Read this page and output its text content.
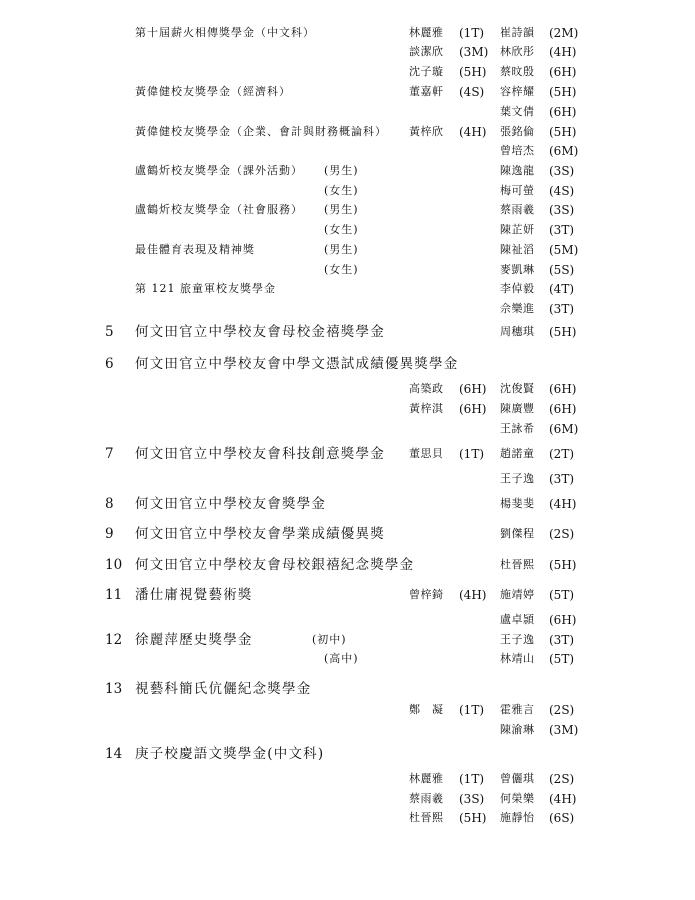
第十屆薪火相傳獎學金（中文科）	林麗雅 (1T) 崔詩韻 (2M)
談潔欣 (3M) 林欣彤 (4H)
沈子璇 (5H) 蔡旼殷 (6H)
黃偉健校友獎學金（經濟科）	董嘉軒 (4S) 容梓耀 (5H)
葉文倩 (6H)
黃偉健校友獎學金（企業、會計與財務概論科） 黃梓欣 (4H) 張銘倫 (5H)
曾培杰 (6M)
盧鶴炘校友獎學金（課外活動） (男生)	陳逸龍 (3S)
(女生)	梅可螢 (4S)
盧鶴炘校友獎學金（社會服務） (男生)	蔡雨羲 (3S)
(女生)	陳芷妍 (3T)
最佳體育表現及精神獎	(男生)	陳祉滔 (5M)
(女生)	麥凱琳 (5S)
第 121 旅童軍校友獎學金	李倬毅 (4T)
佘樂進 (3T)
5 何文田官立中學校友會母校金禧獎學金	周穗琪 (5H)
6 何文田官立中學校友會中學文憑試成績優異獎學金
高築政 (6H) 沈俊賢 (6H)
黃梓淇 (6H) 陳廣豐 (6H)
王詠希 (6M)
7 何文田官立中學校友會科技創意獎學金 董思貝 (1T) 趙諾童 (2T)
王子逸 (3T)
8 何文田官立中學校友會獎學金	楊斐斐 (4H)
9 何文田官立中學校友會學業成績優異獎	劉傑程 (2S)
10 何文田官立中學校友會母校銀禧紀念獎學金	杜晉熙 (5H)
11 潘仕庸視覺藝術獎	曾梓錡 (4H) 施靖婷 (5T)
盧卓頴 (6H)
12 徐麗萍歷史獎學金	(初中)	王子逸 (3T)
(高中)	林靖山 (5T)
13 視藝科簡氏伉儷紀念獎學金
鄭凝 (1T) 霍雅言 (2S)
陳渝琳 (3M)
14 庚子校慶語文獎學金(中文科)
林麗雅 (1T) 曾儷琪 (2S)
蔡雨羲 (3S) 何榮樂 (4H)
杜晉熙 (5H) 施靜怡 (6S)
